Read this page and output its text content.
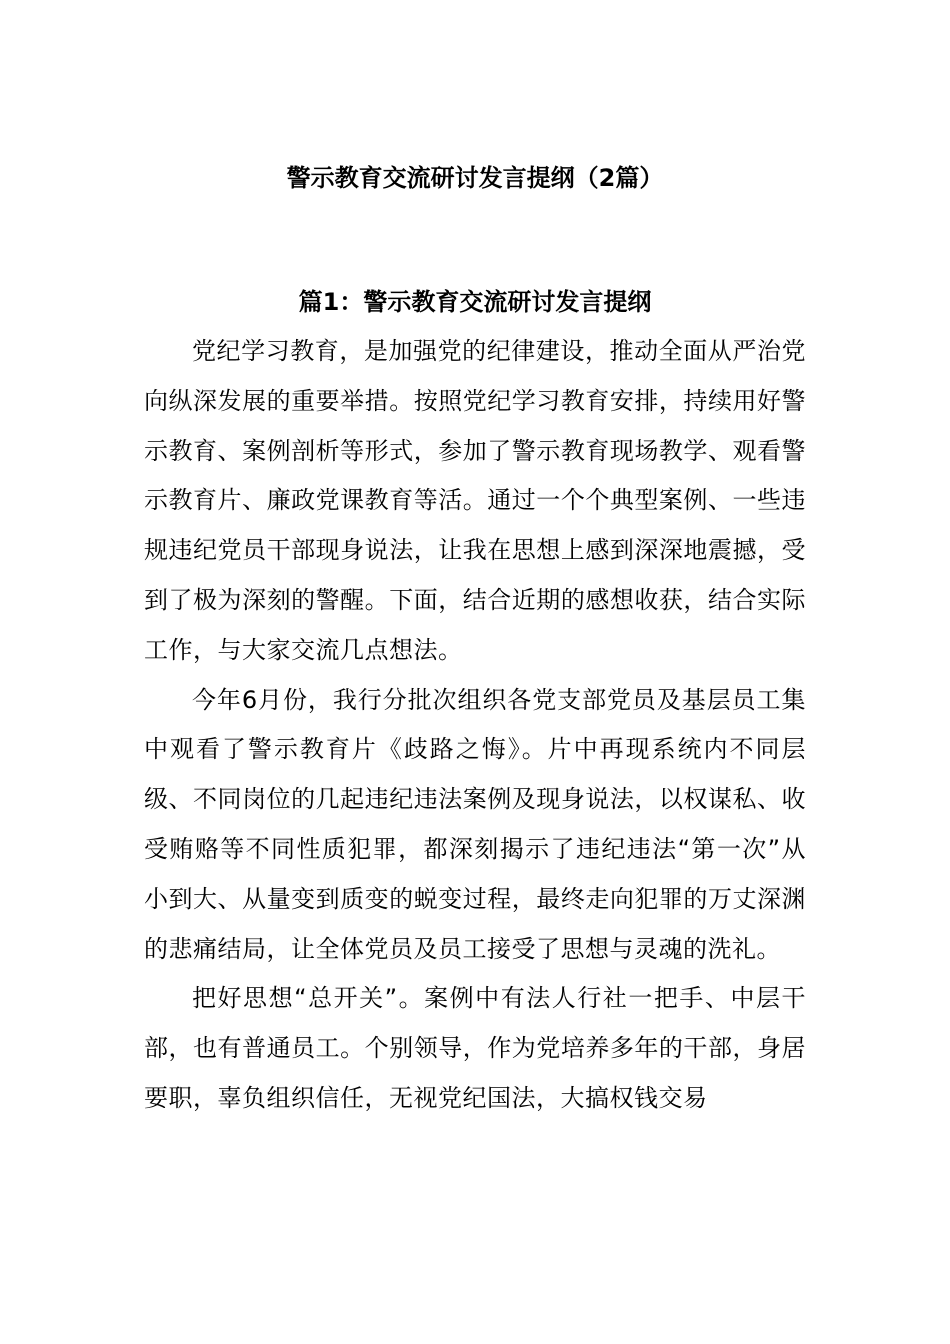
警示教育交流研讨发言提纲（2篇）
篇1：警示教育交流研讨发言提纲

党纪学习教育，是加强党的纪律建设，推动全面从严治党向纵深发展的重要举措。按照党纪学习教育安排，持续用好警示教育、案例剖析等形式，参加了警示教育现场教学、观看警示教育片、廉政党课教育等活。通过一个个典型案例、一些违规违纪党员干部现身说法，让我在思想上感到深深地震撼，受到了极为深刻的警醒。下面，结合近期的感想收获，结合实际工作，与大家交流几点想法。

今年6月份，我行分批次组织各党支部党员及基层员工集中观看了警示教育片《歧路之悔》。片中再现系统内不同层级、不同岗位的几起违纪违法案例及现身说法，以权谋私、收受贿赂等不同性质犯罪，都深刻揭示了违纪违法“第一次”从小到大、从量变到质变的蜕变过程，最终走向犯罪的万丈深渊的悲痛结局，让全体党员及员工接受了思想与灵魂的洗礼。

把好思想“总开关”。案例中有法人行社一把手、中层干部，也有普通员工。个别领导，作为党培养多年的干部，身居要职，辜负组织信任，无视党纪国法，大搞权钱交易
